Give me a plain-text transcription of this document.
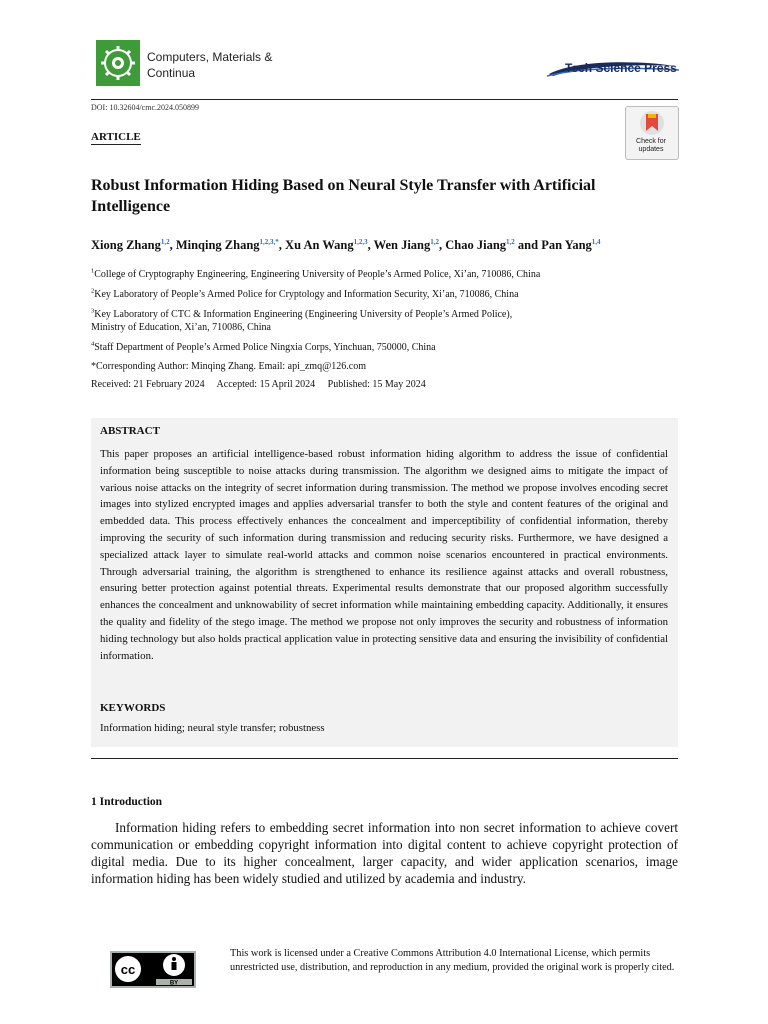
Computers, Materials &
Continua	Tech Science Press
DOI: 10.32604/cmc.2024.050899
ARTICLE	Check for updates
Robust Information Hiding Based on Neural Style Transfer with Artificial Intelligence
Xiong Zhang$^{1,2}$, Minqing Zhang$^{1,2,3,*}$, Xu An Wang$^{1,2,3}$, Wen Jiang$^{1,2}$, Chao Jiang$^{1,2}$ and Pan Yang$^{1,4}$
$^1$College of Cryptography Engineering, Engineering University of People’s Armed Police, Xi’an, 710086, China
$^2$Key Laboratory of People’s Armed Police for Cryptology and Information Security, Xi’an, 710086, China
$^3$Key Laboratory of CTC & Information Engineering (Engineering University of People’s Armed Police),
Ministry of Education, Xi’an, 710086, China
$^4$Staff Department of People’s Armed Police Ningxia Corps, Yinchuan, 750000, China
*Corresponding Author: Minqing Zhang. Email: api_zmq@126.com
Received: 21 February 2024 Accepted: 15 April 2024 Published: 15 May 2024
ABSTRACT
This paper proposes an artificial intelligence-based robust information hiding algorithm to address the issue of confidential information being susceptible to noise attacks during transmission. The algorithm we designed aims to mitigate the impact of various noise attacks on the integrity of secret information during transmission. The method we propose involves encoding secret images into stylized encrypted images and applies adversarial transfer to both the style and content features of the original and embedded data. This process effectively enhances the concealment and imperceptibility of confidential information, thereby improving the security of such information during transmission and reducing security risks. Furthermore, we have designed a specialized attack layer to simulate real-world attacks and common noise scenarios encountered in practical environments. Through adversarial training, the algorithm is strengthened to enhance its resilience against attacks and overall robustness, ensuring better protection against potential threats. Experimental results demonstrate that our proposed algorithm successfully enhances the concealment and unknowability of secret information while maintaining embedding capacity. Additionally, it ensures the quality and fidelity of the stego image. The method we propose not only improves the security and robustness of information hiding technology but also holds practical application value in protecting sensitive data and ensuring the invisibility of confidential information.
KEYWORDS
Information hiding; neural style transfer; robustness
1 Introduction
Information hiding refers to embedding secret information into non secret information to achieve covert communication or embedding copyright information into digital content to achieve copyright protection of digital media. Due to its higher concealment, larger capacity, and wider application scenarios, image information hiding has been widely studied and utilized by academia and industry.
cc
BY
This work is licensed under a Creative Commons Attribution 4.0 International License, which permits unrestricted use, distribution, and reproduction in any medium, provided the original work is properly cited.
